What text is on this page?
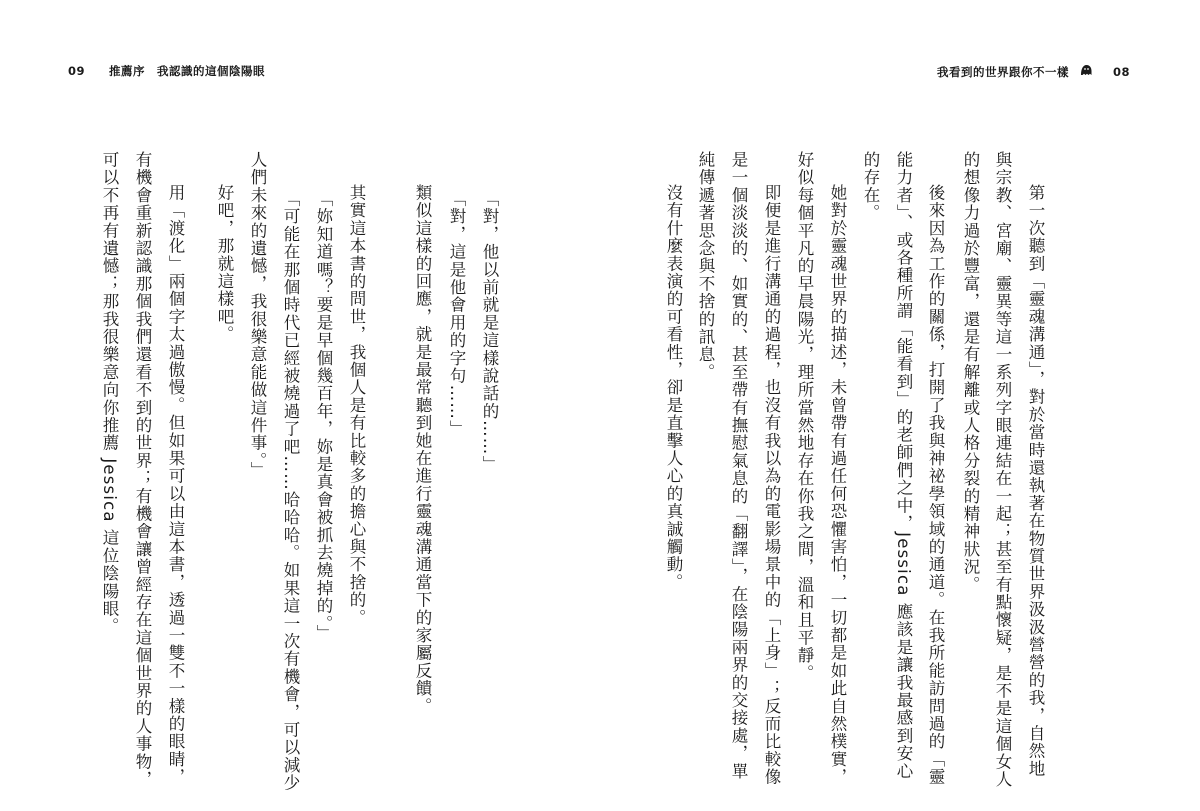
09 推薦序　我認識的這個陰陽眼	我看到的世界跟你不一樣	08
第一次聽到「靈魂溝通」，對於當時還執著在物質世界汲汲營營的我，自然地
與宗教、宮廟、靈異等這一系列字眼連結在一起；甚至有點懷疑，是不是這個女人
的想像力過於豐富，還是有解離或人格分裂的精神狀況。
後來因為工作的關係，打開了我與神祕學領域的通道。在我所能訪問過的「靈
能力者」、或各種所謂「能看到」的老師們之中，Jessica 應該是讓我最感到安心
的存在。
她對於靈魂世界的描述，未曾帶有過任何恐懼害怕，一切都是如此自然樸實，
好似每個平凡的早晨陽光，理所當然地存在你我之間，溫和且平靜。
即便是進行溝通的過程，也沒有我以為的電影場景中的「上身」；反而比較像
是一個淡淡的、如實的、甚至帶有撫慰氣息的「翻譯」，在陰陽兩界的交接處，單
純傳遞著思念與不捨的訊息。
沒有什麼表演的可看性，卻是直擊人心的真誠觸動。
「對，他以前就是這樣說話的……」
「對，這是他會用的字句……」
類似這樣的回應，就是最常聽到她在進行靈魂溝通當下的家屬反饋。
其實這本書的問世，我個人是有比較多的擔心與不捨的。
「妳知道嗎？要是早個幾百年，妳是真會被抓去燒掉的。」
「可能在那個時代已經被燒過了吧……哈哈哈。如果這一次有機會，可以減少
人們未來的遺憾，我很樂意能做這件事。」
好吧，那就這樣吧。
用「渡化」兩個字太過傲慢。但如果可以由這本書，透過一雙不一樣的眼睛，
有機會重新認識那個我們還看不到的世界；有機會讓曾經存在這個世界的人事物，
可以不再有遺憾；那我很樂意向你推薦 Jessica 這位陰陽眼。
